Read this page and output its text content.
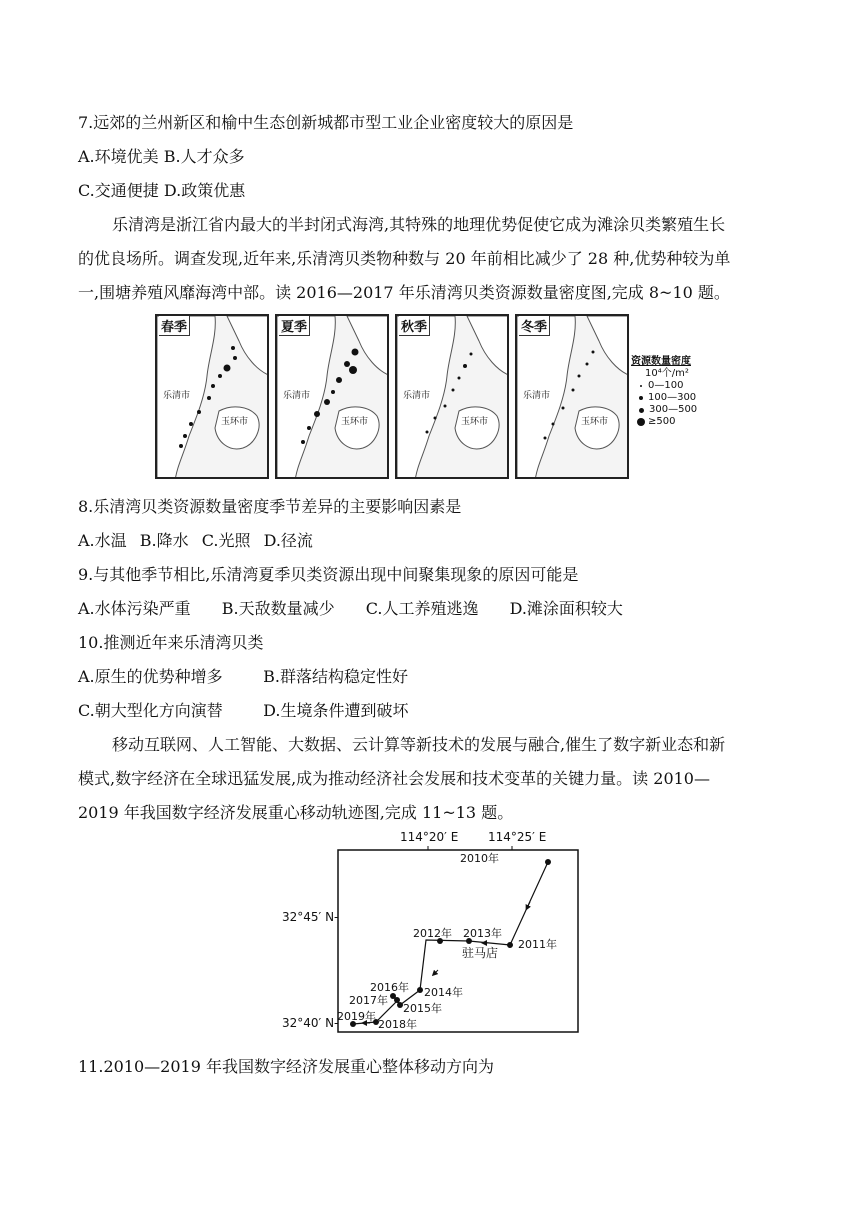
7.远郊的兰州新区和榆中生态创新城都市型工业企业密度较大的原因是
A.环境优美 B.人才众多
C.交通便捷 D.政策优惠
乐清湾是浙江省内最大的半封闭式海湾,其特殊的地理优势促使它成为滩涂贝类繁殖生长
的优良场所。调查发现,近年来,乐清湾贝类物种数与 20 年前相比减少了 28 种,优势种较为单
一,围塘养殖风靡海湾中部。读 2016—2017 年乐清湾贝类资源数量密度图,完成 8~10 题。
春季
乐清市
玉环市
夏季
乐清市
玉环市
秋季
乐清市
玉环市
冬季
乐清市
玉环市
资源数量密度
10⁴个/m²
0—100
100—300
300—500
≥500
8.乐清湾贝类资源数量密度季节差异的主要影响因素是
A.水温 B.降水 C.光照 D.径流
9.与其他季节相比,乐清湾夏季贝类资源出现中间聚集现象的原因可能是
A.水体污染严重 B.天敌数量减少 C.人工养殖逃逸 D.滩涂面积较大
10.推测近年来乐清湾贝类
A.原生的优势种增多	B.群落结构稳定性好
C.朝大型化方向演替	D.生境条件遭到破坏
移动互联网、人工智能、大数据、云计算等新技术的发展与融合,催生了数字新业态和新
模式,数字经济在全球迅猛发展,成为推动经济社会发展和技术变革的关键力量。读 2010—
2019 年我国数字经济发展重心移动轨迹图,完成 11~13 题。
114°20′ E 114°25′ E
32°45′ N-
32°40′ N-
2010年
2011年
2012年 2013年
驻马店
2014年
2015年
2016年
2017年
2018年
2019年
11.2010—2019 年我国数字经济发展重心整体移动方向为
